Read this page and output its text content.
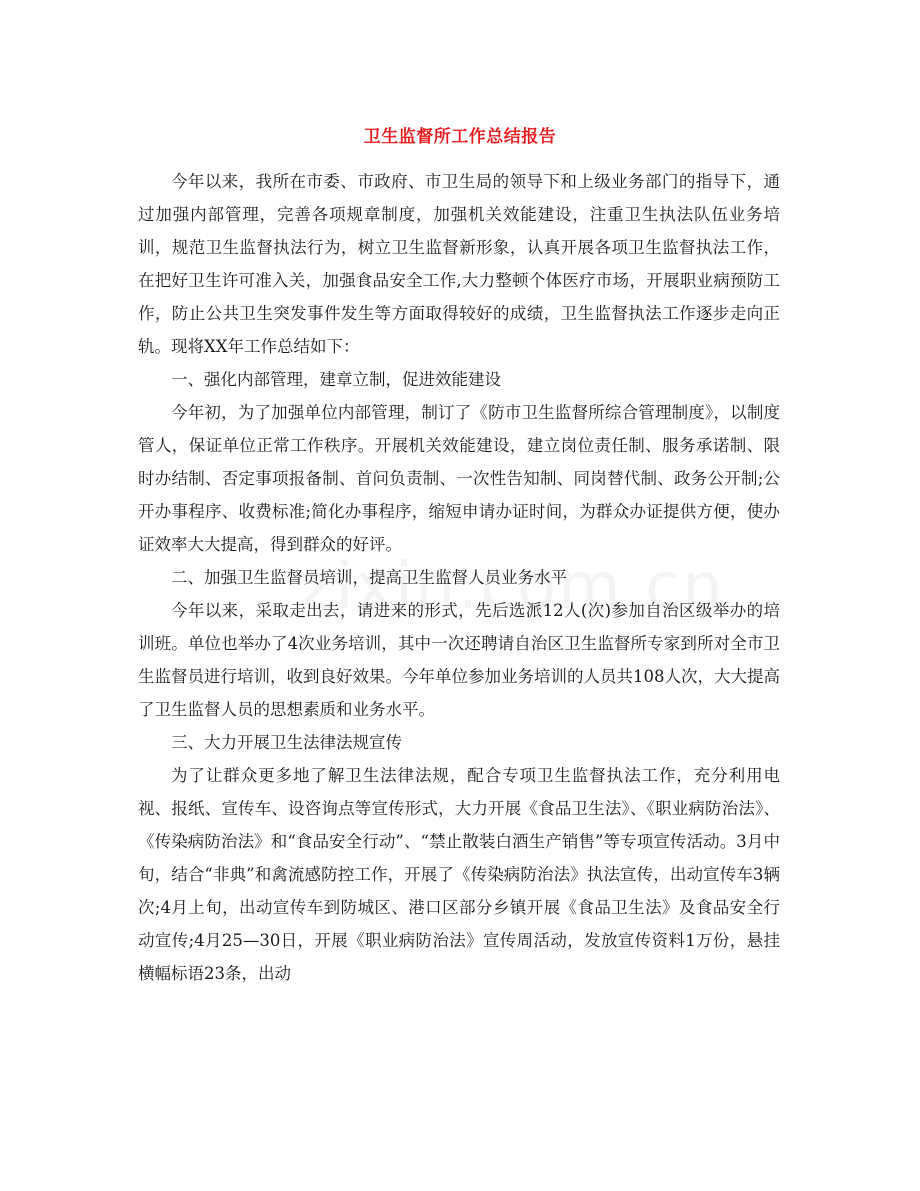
卫生监督所工作总结报告

今年以来，我所在市委、市政府、市卫生局的领导下和上级业务部门的指导下，通过加强内部管理，完善各项规章制度，加强机关效能建设，注重卫生执法队伍业务培训，规范卫生监督执法行为，树立卫生监督新形象，认真开展各项卫生监督执法工作，在把好卫生许可准入关，加强食品安全工作,大力整顿个体医疗市场，开展职业病预防工作，防止公共卫生突发事件发生等方面取得较好的成绩，卫生监督执法工作逐步走向正轨。现将XX年工作总结如下：

一、强化内部管理，建章立制，促进效能建设

今年初，为了加强单位内部管理，制订了《防市卫生监督所综合管理制度》，以制度管人，保证单位正常工作秩序。开展机关效能建设，建立岗位责任制、服务承诺制、限时办结制、否定事项报备制、首问负责制、一次性告知制、同岗替代制、政务公开制;公开办事程序、收费标准;简化办事程序，缩短申请办证时间，为群众办证提供方便，使办证效率大大提高，得到群众的好评。

二、加强卫生监督员培训，提高卫生监督人员业务水平

今年以来，采取走出去，请进来的形式，先后选派12人(次)参加自治区级举办的培训班。单位也举办了4次业务培训，其中一次还聘请自治区卫生监督所专家到所对全市卫生监督员进行培训，收到良好效果。今年单位参加业务培训的人员共108人次，大大提高了卫生监督人员的思想素质和业务水平。

三、大力开展卫生法律法规宣传

为了让群众更多地了解卫生法律法规，配合专项卫生监督执法工作，充分利用电视、报纸、宣传车、设咨询点等宣传形式，大力开展《食品卫生法》、《职业病防治法》、《传染病防治法》和“食品安全行动”、“禁止散装白酒生产销售”等专项宣传活动。3月中旬，结合“非典”和禽流感防控工作，开展了《传染病防治法》执法宣传，出动宣传车3辆次;4月上旬，出动宣传车到防城区、港口区部分乡镇开展《食品卫生法》及食品安全行动宣传;4月25—30日，开展《职业病防治法》宣传周活动，发放宣传资料1万份，悬挂横幅标语23条，出动
